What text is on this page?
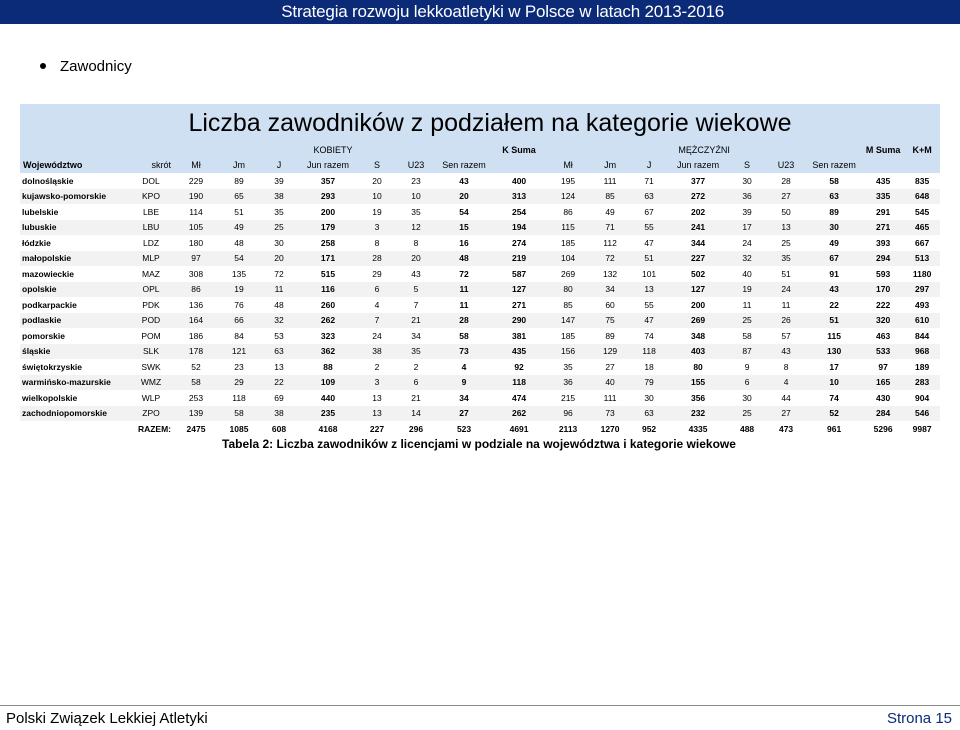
Strategia rozwoju lekkoatletyki w Polsce w latach 2013-2016
Zawodnicy
Liczba zawodników z podziałem na kategorie wiekowe
		KOBIETY							K Suma	MĘŻCZYŹNI							M Suma	K+M
Województwo	skrót	Mł	Jm	J	Jun razem	S	U23	Sen razem		Mł	Jm	J	Jun razem	S	U23	Sen razem		
dolnośląskie	DOL	229	89	39	357	20	23	43	400	195	111	71	377	30	28	58	435	835
kujawsko-pomorskie	KPO	190	65	38	293	10	10	20	313	124	85	63	272	36	27	63	335	648
lubelskie	LBE	114	51	35	200	19	35	54	254	86	49	67	202	39	50	89	291	545
lubuskie	LBU	105	49	25	179	3	12	15	194	115	71	55	241	17	13	30	271	465
łódzkie	LDZ	180	48	30	258	8	8	16	274	185	112	47	344	24	25	49	393	667
małopolskie	MLP	97	54	20	171	28	20	48	219	104	72	51	227	32	35	67	294	513
mazowieckie	MAZ	308	135	72	515	29	43	72	587	269	132	101	502	40	51	91	593	1180
opolskie	OPL	86	19	11	116	6	5	11	127	80	34	13	127	19	24	43	170	297
podkarpackie	PDK	136	76	48	260	4	7	11	271	85	60	55	200	11	11	22	222	493
podlaskie	POD	164	66	32	262	7	21	28	290	147	75	47	269	25	26	51	320	610
pomorskie	POM	186	84	53	323	24	34	58	381	185	89	74	348	58	57	115	463	844
śląskie	SLK	178	121	63	362	38	35	73	435	156	129	118	403	87	43	130	533	968
świętokrzyskie	SWK	52	23	13	88	2	2	4	92	35	27	18	80	9	8	17	97	189
warmińsko-mazurskie	WMZ	58	29	22	109	3	6	9	118	36	40	79	155	6	4	10	165	283
wielkopolskie	WLP	253	118	69	440	13	21	34	474	215	111	30	356	30	44	74	430	904
zachodniopomorskie	ZPO	139	58	38	235	13	14	27	262	96	73	63	232	25	27	52	284	546
	RAZEM:	2475	1085	608	4168	227	296	523	4691	2113	1270	952	4335	488	473	961	5296	9987
Tabela 2: Liczba zawodników z licencjami w podziale na województwa i kategorie wiekowe
Polski Związek Lekkiej Atletyki	Strona 15
